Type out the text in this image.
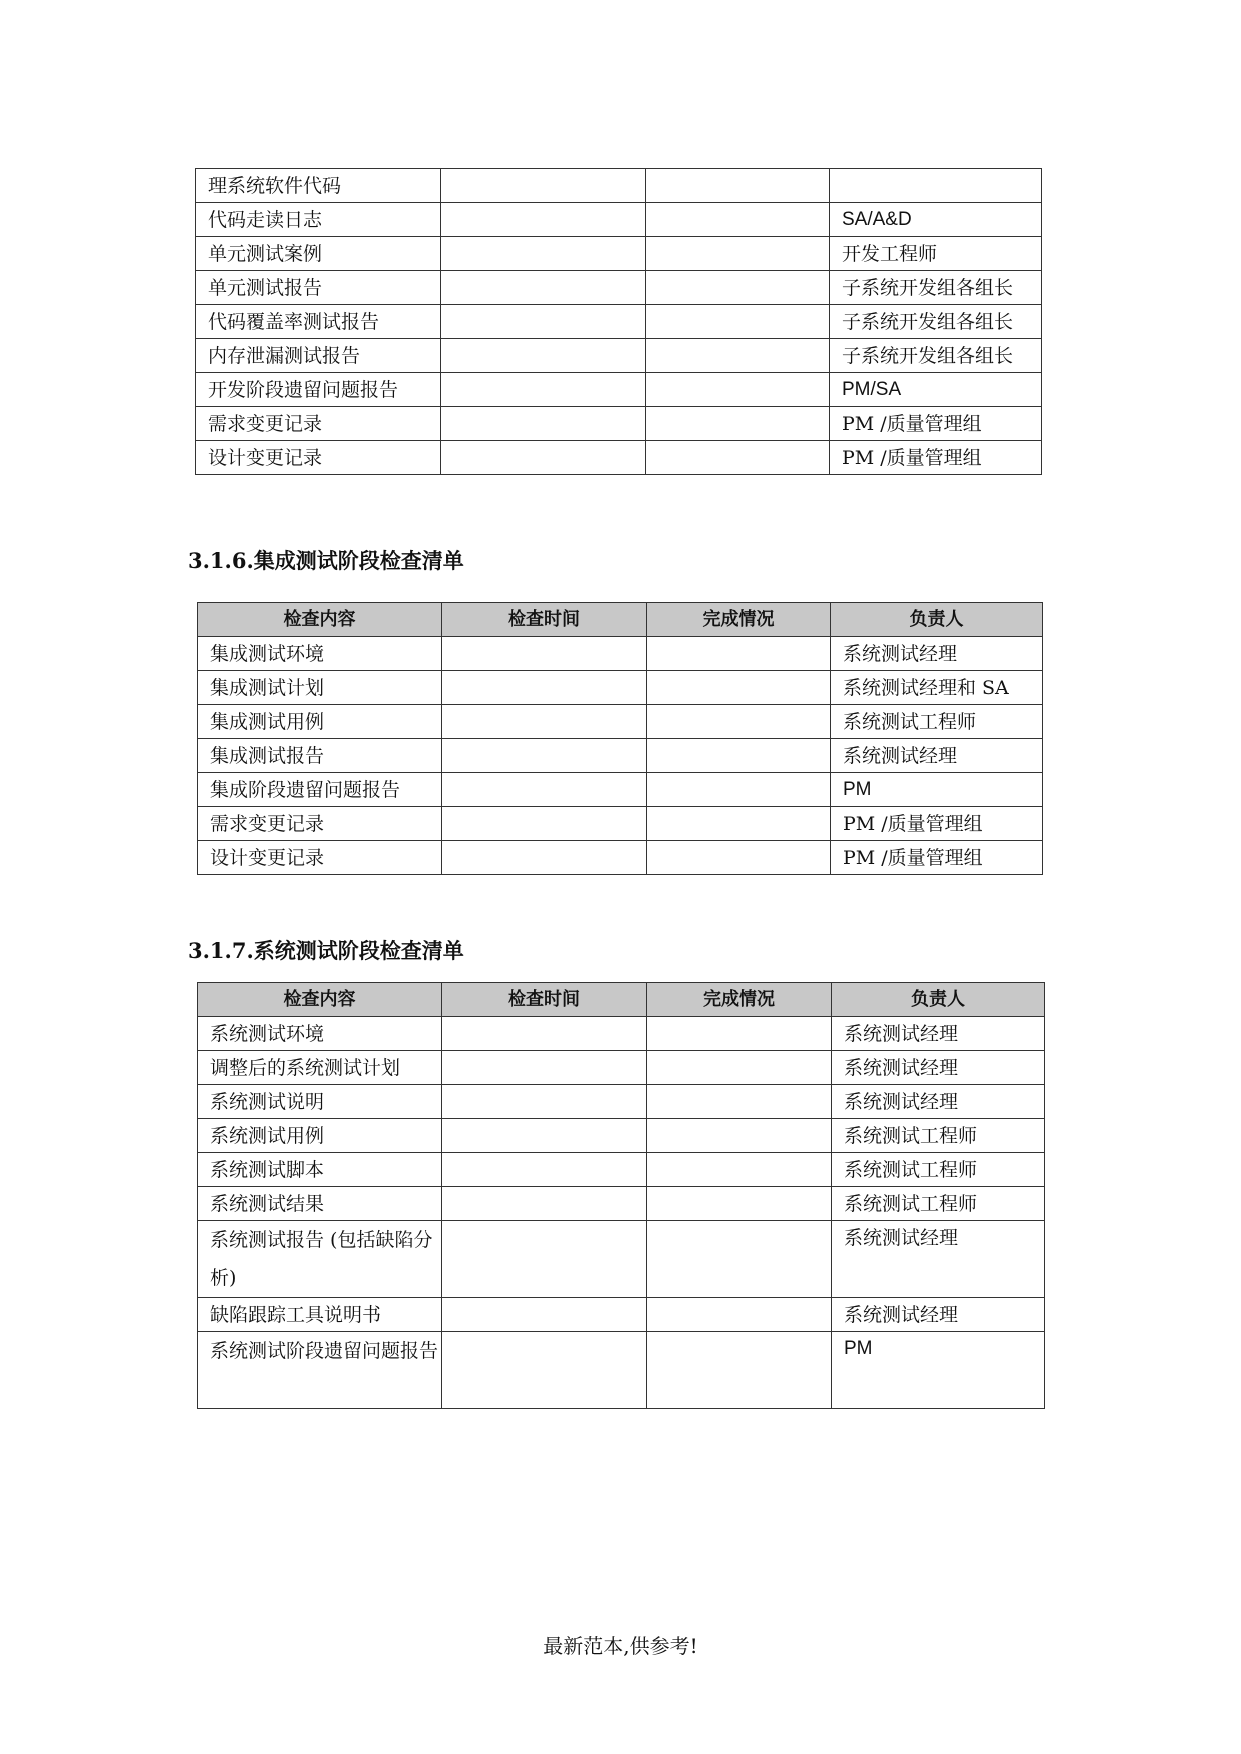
理系统软件代码			
代码走读日志			SA/A&D
单元测试案例			开发工程师
单元测试报告			子系统开发组各组长
代码覆盖率测试报告			子系统开发组各组长
内存泄漏测试报告			子系统开发组各组长
开发阶段遗留问题报告			PM/SA
需求变更记录			PM /质量管理组
设计变更记录			PM /质量管理组
3.1.6.集成测试阶段检查清单
检查内容	检查时间	完成情况	负责人
集成测试环境			系统测试经理
集成测试计划			系统测试经理和 SA
集成测试用例			系统测试工程师
集成测试报告			系统测试经理
集成阶段遗留问题报告			PM
需求变更记录			PM /质量管理组
设计变更记录			PM /质量管理组
3.1.7.系统测试阶段检查清单
检查内容	检查时间	完成情况	负责人
系统测试环境			系统测试经理
调整后的系统测试计划			系统测试经理
系统测试说明			系统测试经理
系统测试用例			系统测试工程师
系统测试脚本			系统测试工程师
系统测试结果			系统测试工程师
系统测试报告 (包括缺陷分析)			系统测试经理
缺陷跟踪工具说明书			系统测试经理
系统测试阶段遗留问题报告			PM
最新范本,供参考!
